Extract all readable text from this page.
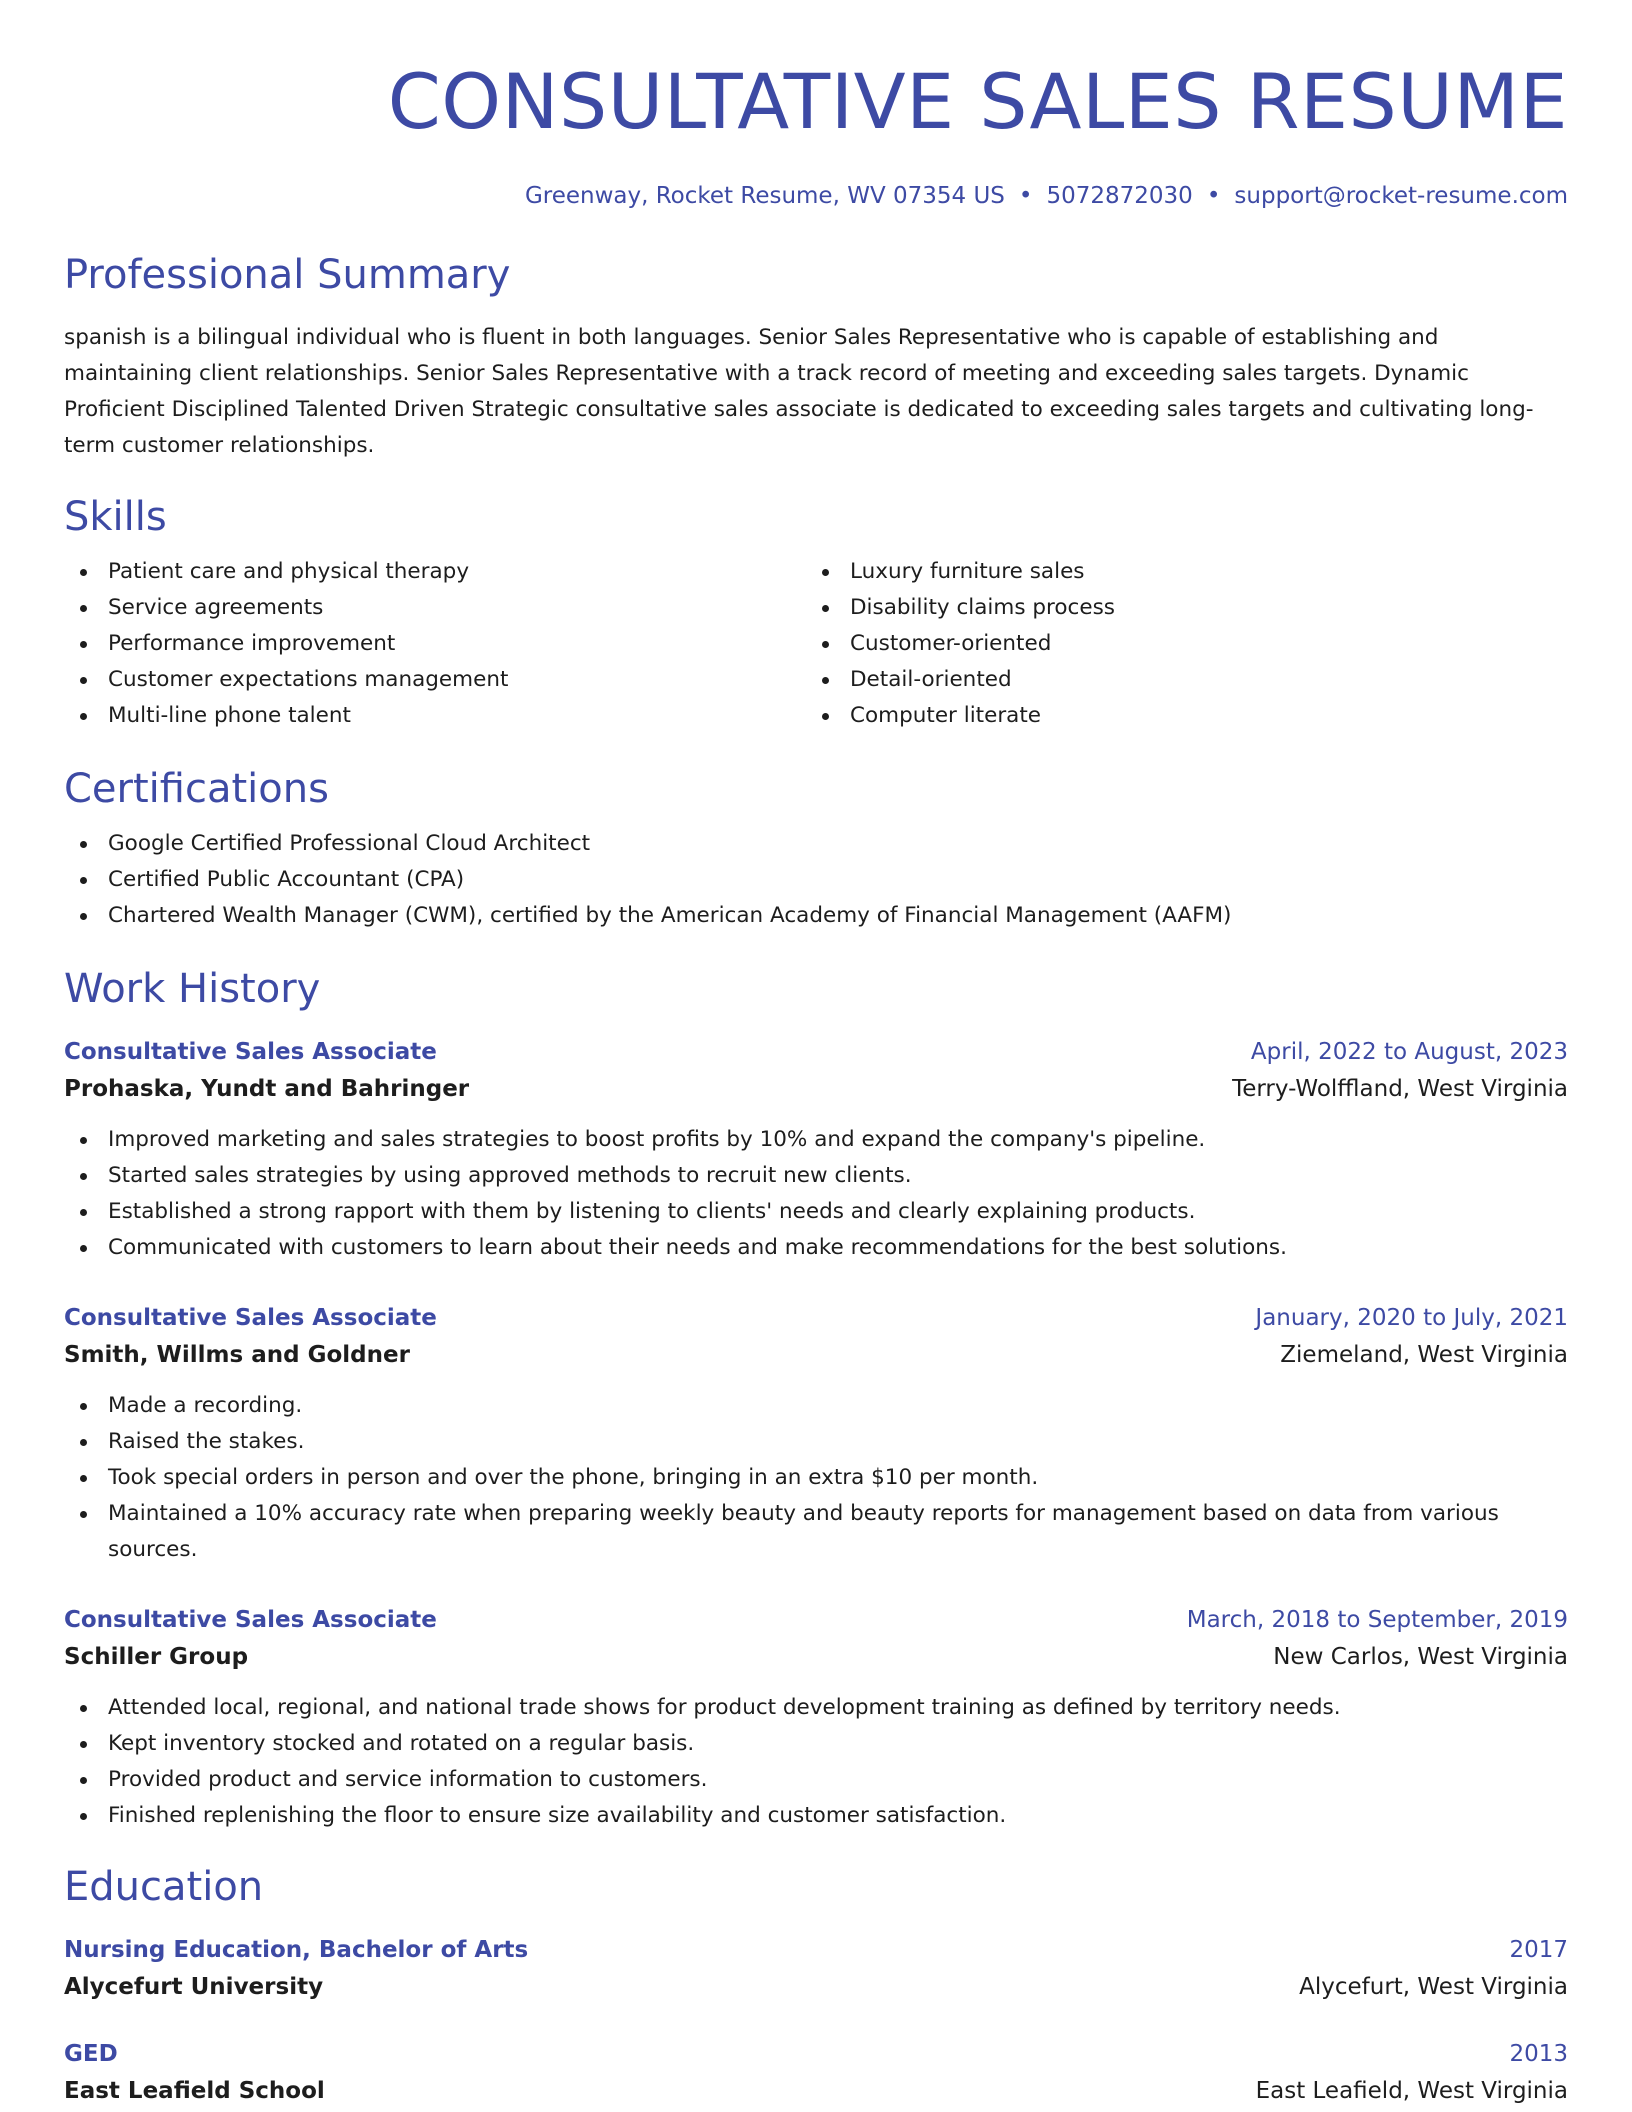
CONSULTATIVE SALES RESUME
Greenway, Rocket Resume, WV 07354 US • 5072872030 • support@rocket-resume.com
Professional Summary

spanish is a bilingual individual who is fluent in both languages. Senior Sales Representative who is capable of establishing and maintaining client relationships. Senior Sales Representative with a track record of meeting and exceeding sales targets. Dynamic Proficient Disciplined Talented Driven Strategic consultative sales associate is dedicated to exceeding sales targets and cultivating long-term customer relationships.

Skills
Patient care and physical therapy
Service agreements
Performance improvement
Customer expectations management
Multi-line phone talent
Luxury furniture sales
Disability claims process
Customer-oriented
Detail-oriented
Computer literate
Certifications
Google Certified Professional Cloud Architect
Certified Public Accountant (CPA)
Chartered Wealth Manager (CWM), certified by the American Academy of Financial Management (AAFM)
Work History
Consultative Sales Associate	April, 2022 to August, 2023
Prohaska, Yundt and Bahringer	Terry-Wolffland, West Virginia
Improved marketing and sales strategies to boost profits by 10% and expand the company's pipeline.
Started sales strategies by using approved methods to recruit new clients.
Established a strong rapport with them by listening to clients' needs and clearly explaining products.
Communicated with customers to learn about their needs and make recommendations for the best solutions.
Consultative Sales Associate	January, 2020 to July, 2021
Smith, Willms and Goldner	Ziemeland, West Virginia
Made a recording.
Raised the stakes.
Took special orders in person and over the phone, bringing in an extra $10 per month.
Maintained a 10% accuracy rate when preparing weekly beauty and beauty reports for management based on data from various sources.
Consultative Sales Associate	March, 2018 to September, 2019
Schiller Group	New Carlos, West Virginia
Attended local, regional, and national trade shows for product development training as defined by territory needs.
Kept inventory stocked and rotated on a regular basis.
Provided product and service information to customers.
Finished replenishing the floor to ensure size availability and customer satisfaction.
Education
Nursing Education, Bachelor of Arts	2017
Alycefurt University	Alycefurt, West Virginia
GED	2013
East Leafield School	East Leafield, West Virginia
